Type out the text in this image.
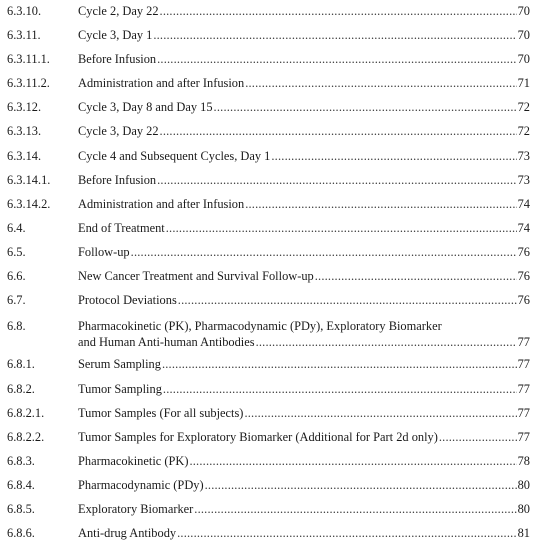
6.3.10.	Cycle 2, Day 22 .....	70
6.3.11.	Cycle 3, Day 1 .....	70
6.3.11.1.	Before Infusion .....	70
6.3.11.2.	Administration and after Infusion .....	71
6.3.12.	Cycle 3, Day 8 and Day 15 .....	72
6.3.13.	Cycle 3, Day 22 .....	72
6.3.14.	Cycle 4 and Subsequent Cycles, Day 1 .....	73
6.3.14.1.	Before Infusion .....	73
6.3.14.2.	Administration and after Infusion .....	74
6.4.	End of Treatment .....	74
6.5.	Follow-up .....	76
6.6.	New Cancer Treatment and Survival Follow-up .....	76
6.7.	Protocol Deviations .....	76
6.8.	Pharmacokinetic (PK), Pharmacodynamic (PDy), Exploratory Biomarker
and Human Anti-human Antibodies .....	77
6.8.1.	Serum Sampling .....	77
6.8.2.	Tumor Sampling .....	77
6.8.2.1.	Tumor Samples (For all subjects) .....	77
6.8.2.2.	Tumor Samples for Exploratory Biomarker (Additional for Part 2d only) .....	77
6.8.3.	Pharmacokinetic (PK) .....	78
6.8.4.	Pharmacodynamic (PDy) .....	80
6.8.5.	Exploratory Biomarker .....	80
6.8.6.	Anti-drug Antibody .....	81
